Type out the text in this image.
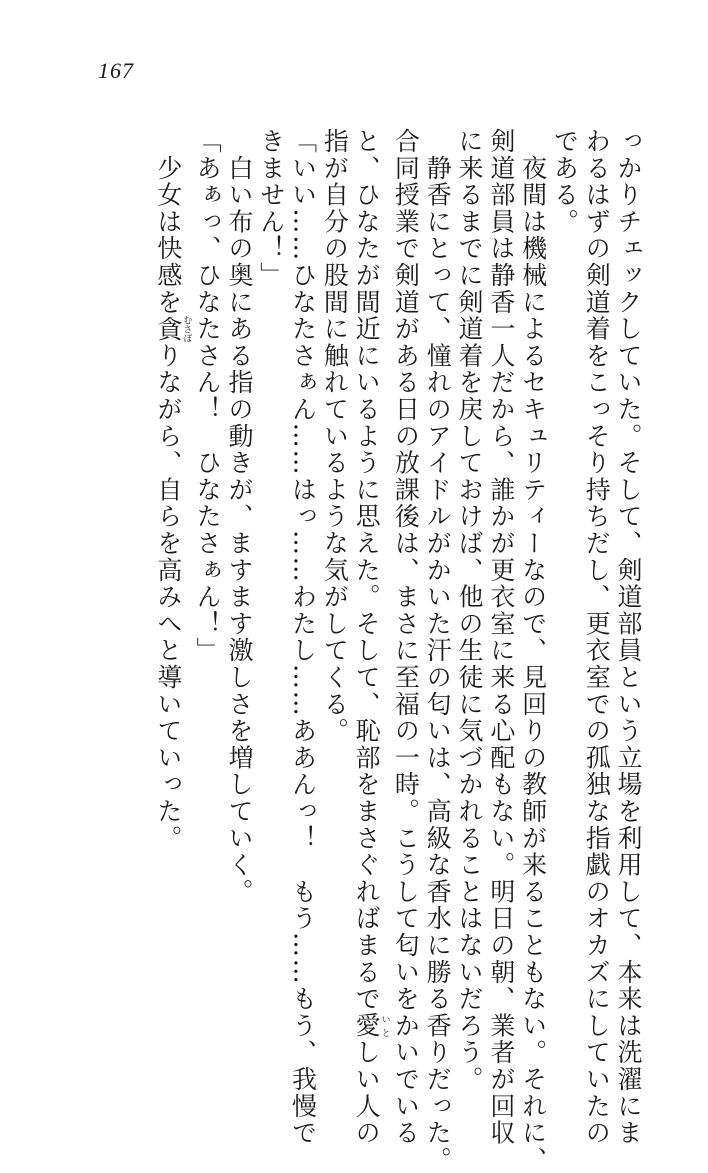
167

っかりチェックしていた。そして、剣道部員という立場を利用して、本来は洗濯にま

わるはずの剣道着をこっそり持ちだし、更衣室での孤独な指戯のオカズにしていたの

である。

　夜間は機械によるセキュリティーなので、見回りの教師が来ることもない。それに、

剣道部員は静香一人だから、誰かが更衣室に来る心配もない。明日の朝、業者が回収

に来るまでに剣道着を戻しておけば、他の生徒に気づかれることはないだろう。

　静香にとって、憧れのアイドルがかいた汗の匂いは、高級な香水に勝る香りだった。

合同授業で剣道がある日の放課後は、まさに至福の一時。こうして匂いをかいでいる

と、ひなたが間近にいるように思えた。そして、恥部をまさぐればまるで愛いとしい人の

指が自分の股間に触れているような気がしてくる。

「いい……ひなたさぁん……はっ……わたし……ああんっ！　もう……もう、我慢で

きません！」

　白い布の奥にある指の動きが、ますます激しさを増していく。

「あぁっ、ひなたさん！　ひなたさぁん！」

　少女は快感を貪むさぼりながら、自らを高みへと導いていった。
